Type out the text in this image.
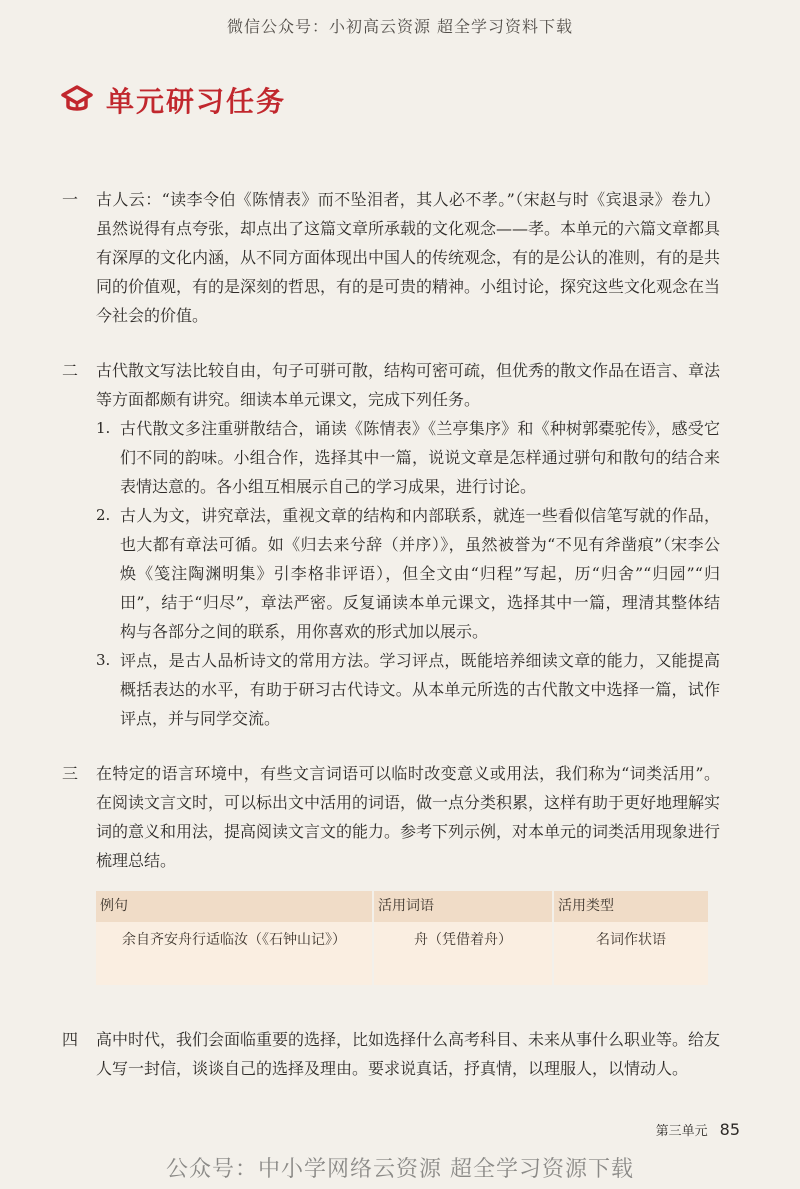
微信公众号：小初高云资源 超全学习资料下载
单元研习任务
一	古人云：“读李令伯《陈情表》而不坠泪者，其人必不孝。”（宋赵与时《宾退录》卷九）虽然说得有点夸张，却点出了这篇文章所承载的文化观念——孝。本单元的六篇文章都具有深厚的文化内涵，从不同方面体现出中国人的传统观念，有的是公认的准则，有的是共同的价值观，有的是深刻的哲思，有的是可贵的精神。小组讨论，探究这些文化观念在当今社会的价值。
二	古代散文写法比较自由，句子可骈可散，结构可密可疏，但优秀的散文作品在语言、章法等方面都颇有讲究。细读本单元课文，完成下列任务。
1. 古代散文多注重骈散结合，诵读《陈情表》《兰亭集序》和《种树郭橐驼传》，感受它们不同的韵味。小组合作，选择其中一篇，说说文章是怎样通过骈句和散句的结合来表情达意的。各小组互相展示自己的学习成果，进行讨论。
2. 古人为文，讲究章法，重视文章的结构和内部联系，就连一些看似信笔写就的作品，也大都有章法可循。如《归去来兮辞（并序）》，虽然被誉为“不见有斧凿痕”（宋李公焕《笺注陶渊明集》引李格非评语），但全文由“归程”写起，历“归舍”“归园”“归田”，结于“归尽”，章法严密。反复诵读本单元课文，选择其中一篇，理清其整体结构与各部分之间的联系，用你喜欢的形式加以展示。
3. 评点，是古人品析诗文的常用方法。学习评点，既能培养细读文章的能力，又能提高概括表达的水平，有助于研习古代诗文。从本单元所选的古代散文中选择一篇，试作评点，并与同学交流。
三	在特定的语言环境中，有些文言词语可以临时改变意义或用法，我们称为“词类活用”。在阅读文言文时，可以标出文中活用的词语，做一点分类积累，这样有助于更好地理解实词的意义和用法，提高阅读文言文的能力。参考下列示例，对本单元的词类活用现象进行梳理总结。
例句	活用词语	活用类型
余自齐安舟行适临汝（《石钟山记》）	舟（凭借着舟）	名词作状语

四	高中时代，我们会面临重要的选择，比如选择什么高考科目、未来从事什么职业等。给友人写一封信，谈谈自己的选择及理由。要求说真话，抒真情，以理服人，以情动人。
第三单元 85
公众号：中小学网络云资源 超全学习资源下载
